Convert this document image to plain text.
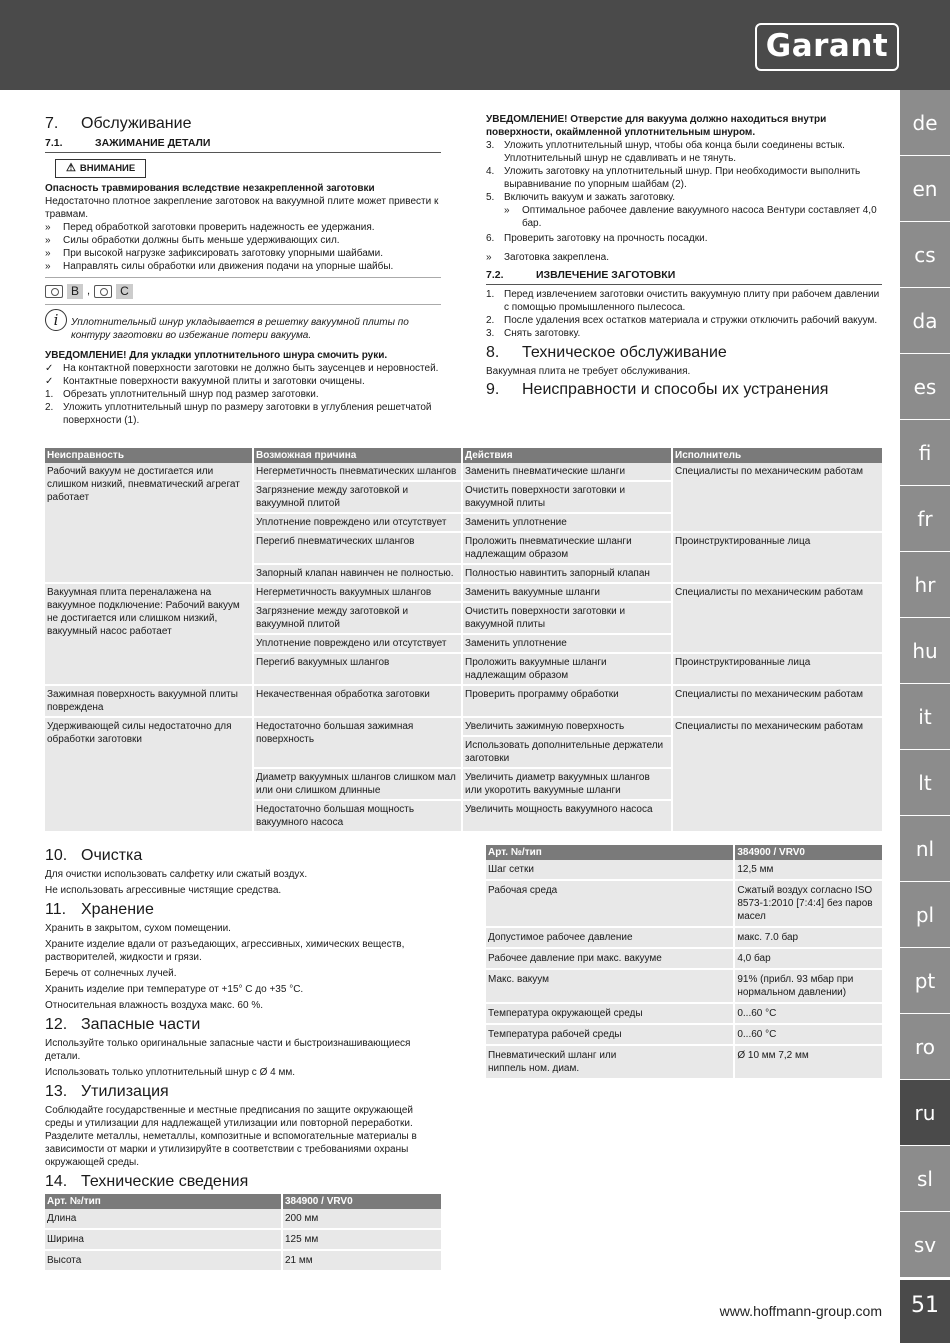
Garant
de
en
cs
da
es
fi
fr
hr
hu
it
lt
nl
pl
pt
ro
ru
sl
sv
51
www.hoffmann-group.com
7. Обслуживание
7.1.	ЗАЖИМАНИЕ ДЕТАЛИ
⚠ ВНИМАНИЕ

Опасность травмирования вследствие незакрепленной заготовки

Недостаточно плотное закрепление заготовок на вакуумной плите может привести к травмам.

» Перед обработкой заготовки проверить надежность ее удержания.
» Силы обработки должны быть меньше удерживающих сил.
» При высокой нагрузке зафиксировать заготовку упорными шайбами.
» Направлять силы обработки или движения подачи на упорные шайбы.
B ,	C
i	Уплотнительный шнур укладывается в решетку вакуумной плиты по контуру заготовки во избежание потери вакуума.

УВЕДОМЛЕНИЕ! Для укладки уплотнительного шнура смочить руки.

✓ На контактной поверхности заготовки не должно быть заусенцев и неровностей.
✓ Контактные поверхности вакуумной плиты и заготовки очищены.
1. Обрезать уплотнительный шнур под размер заготовки.
2. Уложить уплотнительный шнур по размеру заготовки в углубления решетчатой поверхности (1).

УВЕДОМЛЕНИЕ! Отверстие для вакуума должно находиться внутри поверхности, окаймленной уплотнительным шнуром.

3. Уложить уплотнительный шнур, чтобы оба конца были соединены встык. Уплотнительный шнур не сдавливать и не тянуть.
4. Уложить заготовку на уплотнительный шнур. При необходимости выполнить выравнивание по упорным шайбам (2).
5. Включить вакуум и зажать заготовку.
» Оптимальное рабочее давление вакуумного насоса Вентури составляет 4,0 бар.
6. Проверить заготовку на прочность посадки.
» Заготовка закреплена.
7.2.	ИЗВЛЕЧЕНИЕ ЗАГОТОВКИ
1. Перед извлечением заготовки очистить вакуумную плиту при рабочем давлении с помощью промышленного пылесоса.
2. После удаления всех остатков материала и стружки отключить рабочий вакуум.
3. Снять заготовку.
8. Техническое обслуживание

Вакуумная плита не требует обслуживания.

9. Неисправности и способы их устранения
Неисправность	Возможная причина	Действия	Исполнитель
Рабочий вакуум не достигается или слишком низкий, пневматический агрегат работает	Негерметичность пневматических шлангов	Заменить пневматические шланги	Специалисты по механическим работам
	Загрязнение между заготовкой и вакуумной плитой	Очистить поверхности заготовки и вакуумной плиты	
	Уплотнение повреждено или отсутствует	Заменить уплотнение	
	Перегиб пневматических шлангов	Проложить пневматические шланги надлежащим образом	Проинструктированные лица
	Запорный клапан навинчен не полностью.	Полностью навинтить запорный клапан	
Вакуумная плита переналажена на вакуумное подключение: Рабочий вакуум не достигается или слишком низкий, вакуумный насос работает	Негерметичность вакуумных шлангов	Заменить вакуумные шланги	Специалисты по механическим работам
	Загрязнение между заготовкой и вакуумной плитой	Очистить поверхности заготовки и вакуумной плиты	
	Уплотнение повреждено или отсутствует	Заменить уплотнение	
	Перегиб вакуумных шлангов	Проложить вакуумные шланги надлежащим образом	Проинструктированные лица
Зажимная поверхность вакуумной плиты повреждена	Некачественная обработка заготовки	Проверить программу обработки	Специалисты по механическим работам
Удерживающей силы недостаточно для обработки заготовки	Недостаточно большая зажимная поверхность	Увеличить зажимную поверхность	Специалисты по механическим работам
		Использовать дополнительные держатели заготовки	
	Диаметр вакуумных шлангов слишком мал или они слишком длинные	Увеличить диаметр вакуумных шлангов или укоротить вакуумные шланги	
	Недостаточно большая мощность вакуумного насоса	Увеличить мощность вакуумного насоса	
10. Очистка

Для очистки использовать салфетку или сжатый воздух.

Не использовать агрессивные чистящие средства.

11. Хранение

Хранить в закрытом, сухом помещении.

Храните изделие вдали от разъедающих, агрессивных, химических веществ, растворителей, жидкости и грязи.

Беречь от солнечных лучей.

Хранить изделие при температуре от +15° C до +35 °C.

Относительная влажность воздуха макс. 60 %.

12. Запасные части

Используйте только оригинальные запасные части и быстроизнашивающиеся детали.

Использовать только уплотнительный шнур с Ø 4 мм.

13. Утилизация

Соблюдайте государственные и местные предписания по защите окружающей среды и утилизации для надлежащей утилизации или повторной переработки. Разделите металлы, неметаллы, композитные и вспомогательные материалы в зависимости от марки и утилизируйте в соответствии с требованиями охраны окружающей среды.

14. Технические сведения
Арт. №/тип	384900 / VRV0
Длина	200 мм
Ширина	125 мм
Высота	21 мм
Арт. №/тип	384900 / VRV0
Шаг сетки	12,5 мм
Рабочая среда	Сжатый воздух согласно ISO 8573-1:2010 [7:4:4] без паров масел
Допустимое рабочее давление	макс. 7.0 бар
Рабочее давление при макс. вакууме	4,0 бар
Макс. вакуум	91% (прибл. 93 мбар при нормальном давлении)
Температура окружающей среды	0...60 °C
Температура рабочей среды	0...60 °C
Пневматический шланг или ниппель ном. диам.	Ø 10 мм 7,2 мм
